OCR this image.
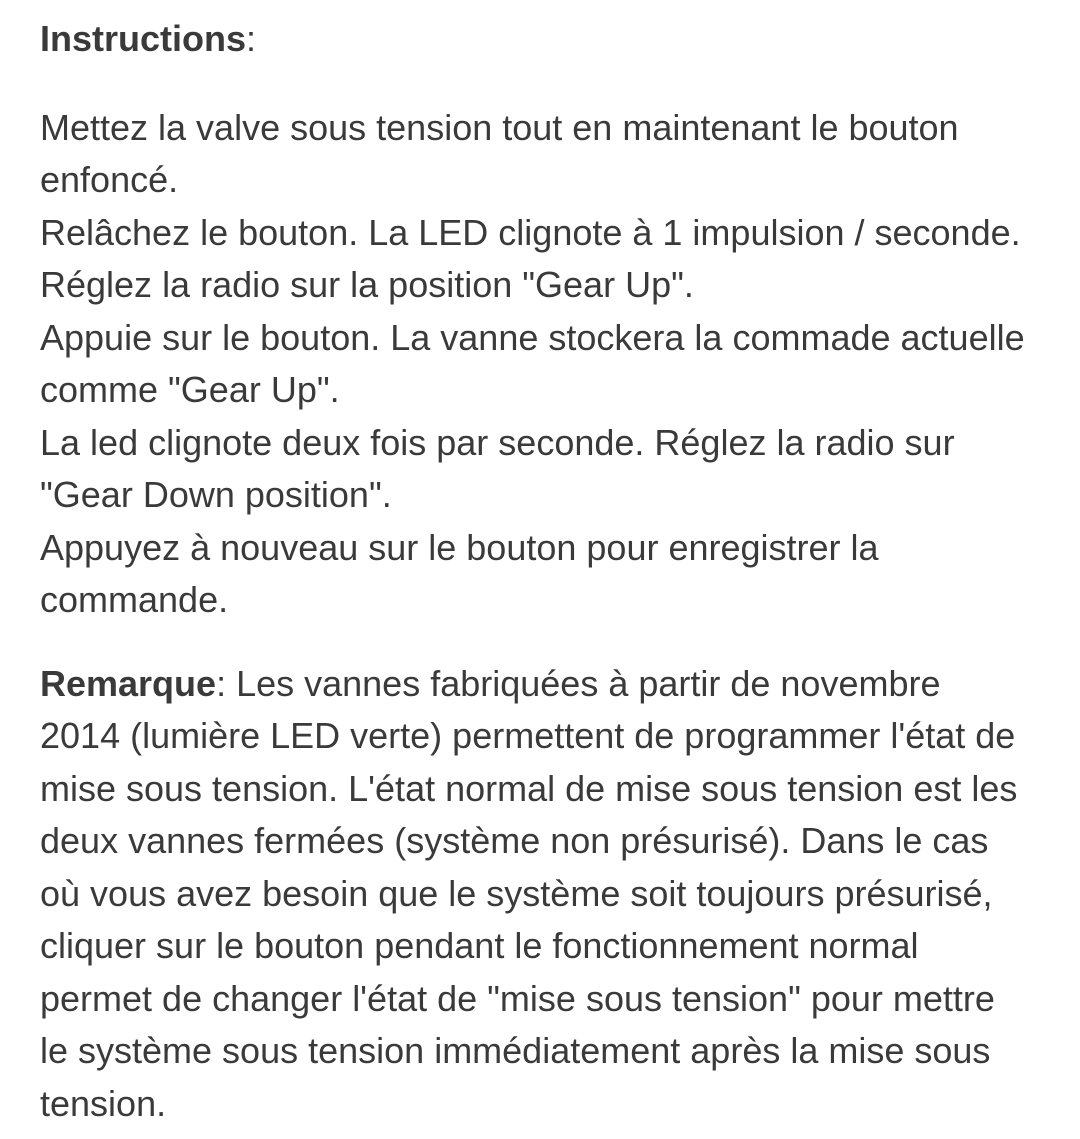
Instructions:

Mettez la valve sous tension tout en maintenant le bouton
enfoncé.
Relâchez le bouton. La LED clignote à 1 impulsion / seconde.
Réglez la radio sur la position "Gear Up".
Appuie sur le bouton. La vanne stockera la commade actuelle
comme "Gear Up".
La led clignote deux fois par seconde. Réglez la radio sur
"Gear Down position".
Appuyez à nouveau sur le bouton pour enregistrer la
commande.
Remarque: Les vannes fabriquées à partir de novembre
2014 (lumière LED verte) permettent de programmer l'état de
mise sous tension. L'état normal de mise sous tension est les
deux vannes fermées (système non présurisé). Dans le cas
où vous avez besoin que le système soit toujours présurisé,
cliquer sur le bouton pendant le fonctionnement normal
permet de changer l'état de "mise sous tension" pour mettre
le système sous tension immédiatement après la mise sous
tension.
